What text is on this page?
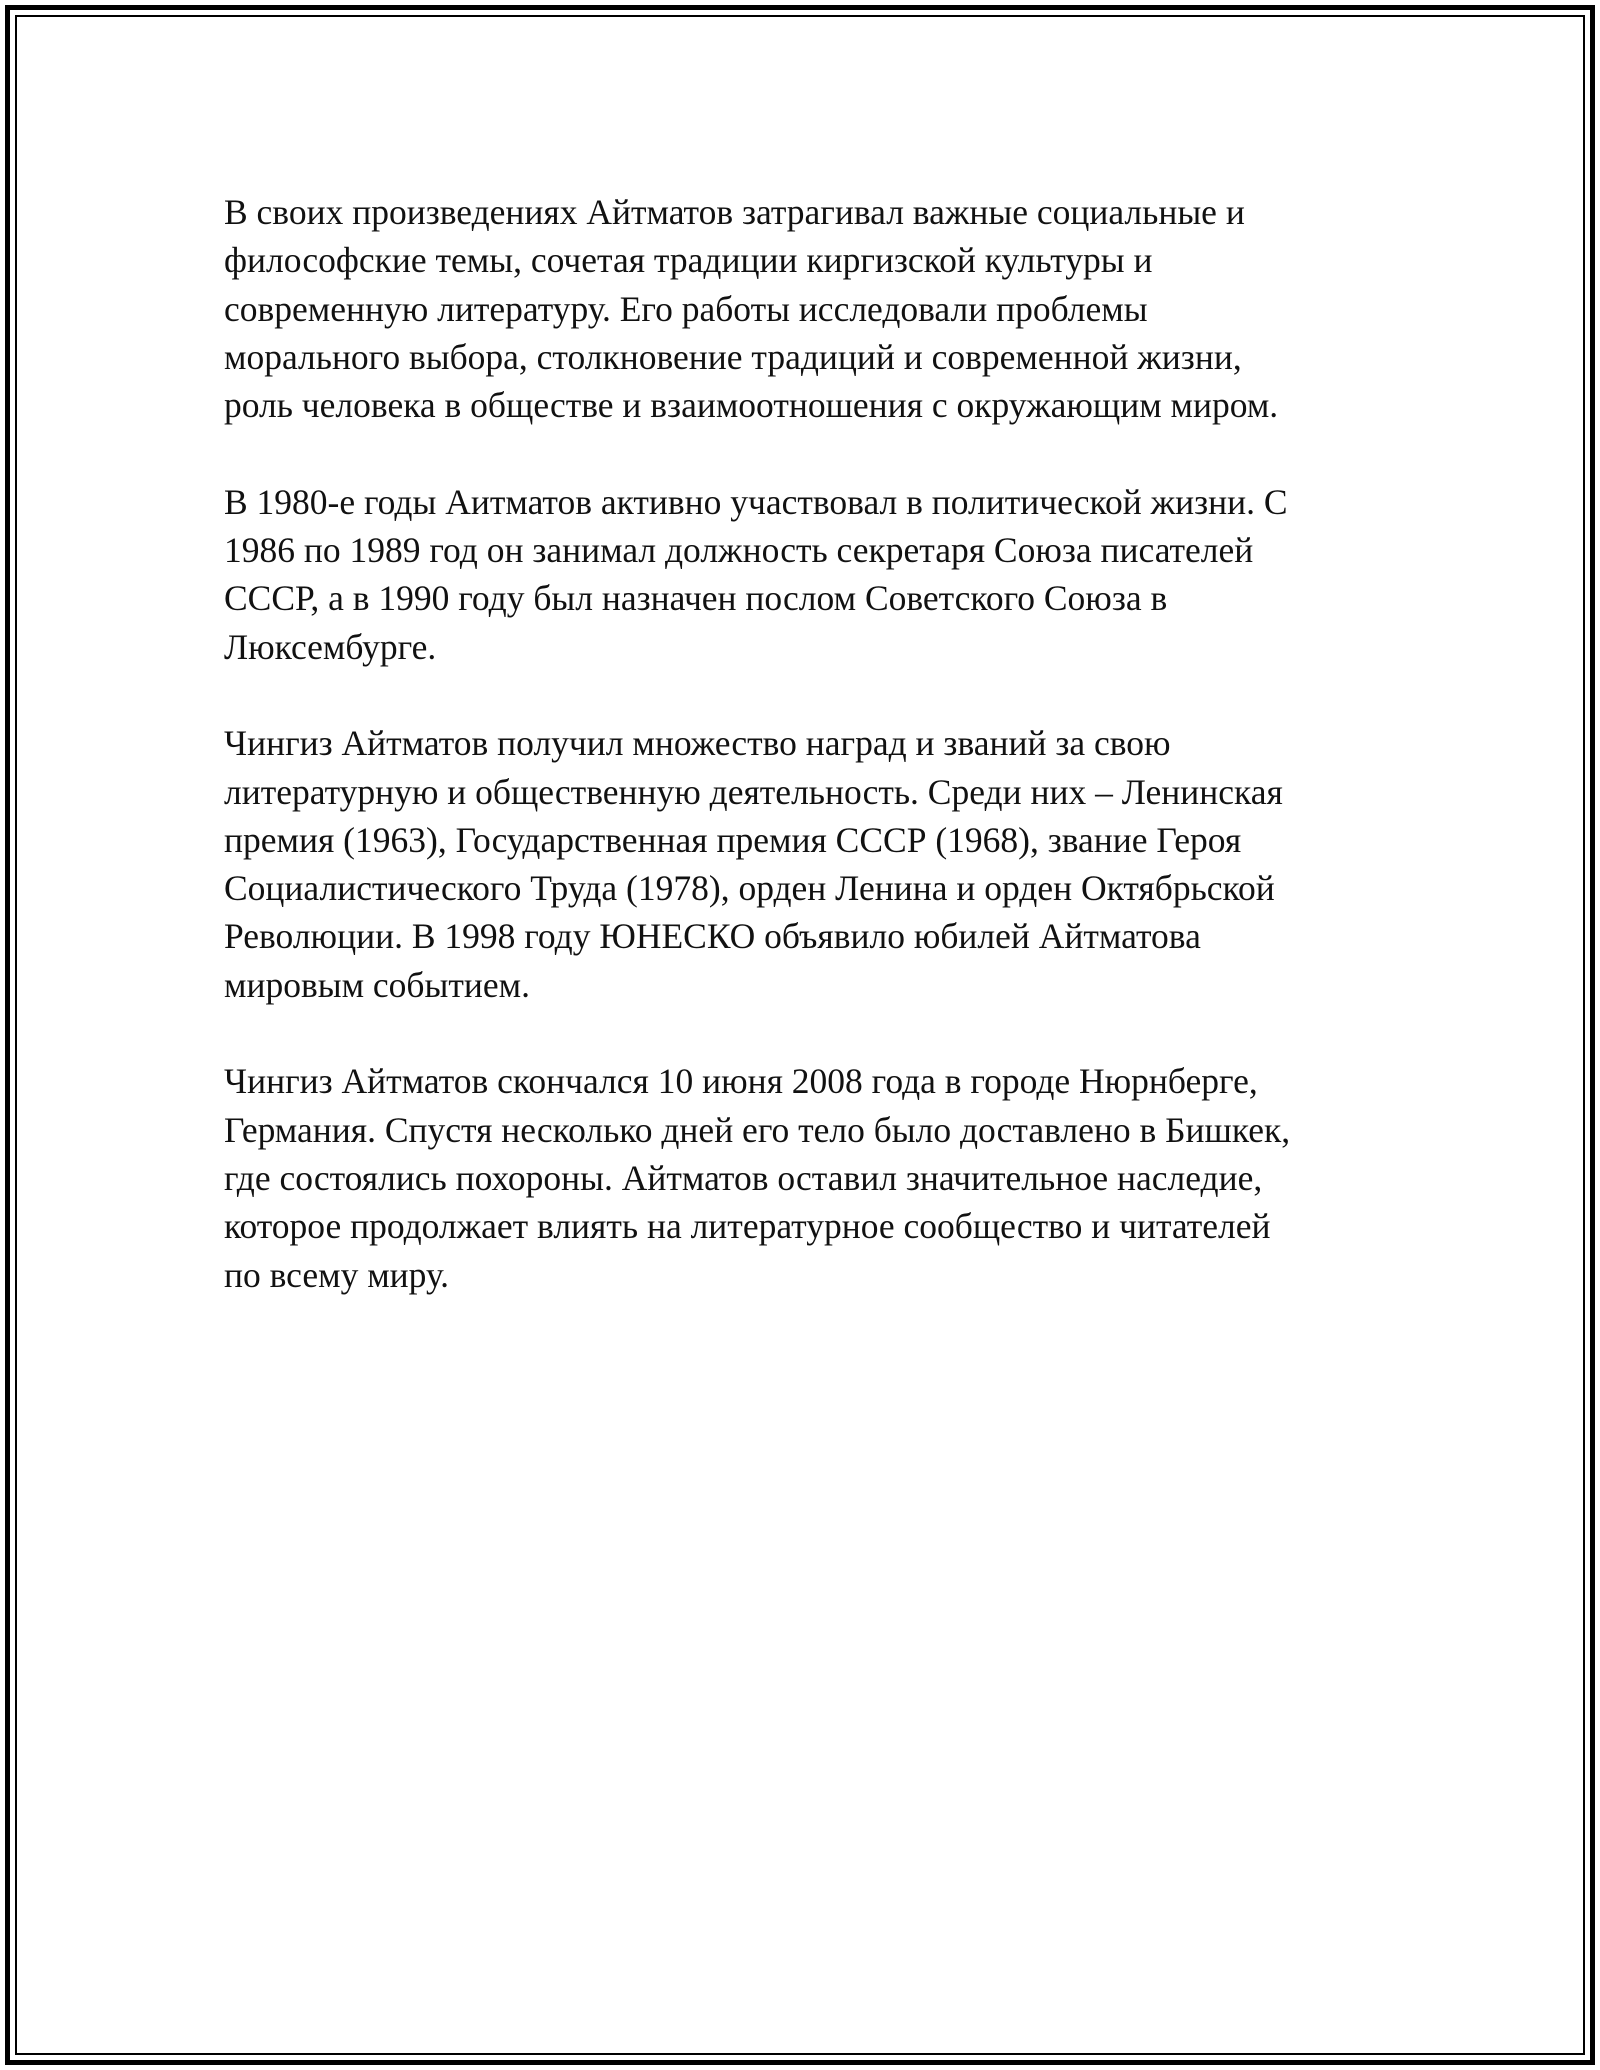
В своих произведениях Айтматов затрагивал важные социальные и
философские темы, сочетая традиции киргизской культуры и
современную литературу. Его работы исследовали проблемы
морального выбора, столкновение традиций и современной жизни,
роль человека в обществе и взаимоотношения с окружающим миром.

В 1980-е годы Аитматов активно участвовал в политической жизни. С
1986 по 1989 год он занимал должность секретаря Союза писателей
СССР, а в 1990 году был назначен послом Советского Союза в
Люксембурге.

Чингиз Айтматов получил множество наград и званий за свою
литературную и общественную деятельность. Среди них – Ленинская
премия (1963), Государственная премия СССР (1968), звание Героя
Социалистического Труда (1978), орден Ленина и орден Октябрьской
Революции. В 1998 году ЮНЕСКО объявило юбилей Айтматова
мировым событием.

Чингиз Айтматов скончался 10 июня 2008 года в городе Нюрнберге,
Германия. Спустя несколько дней его тело было доставлено в Бишкек,
где состоялись похороны. Айтматов оставил значительное наследие,
которое продолжает влиять на литературное сообщество и читателей
по всему миру.
